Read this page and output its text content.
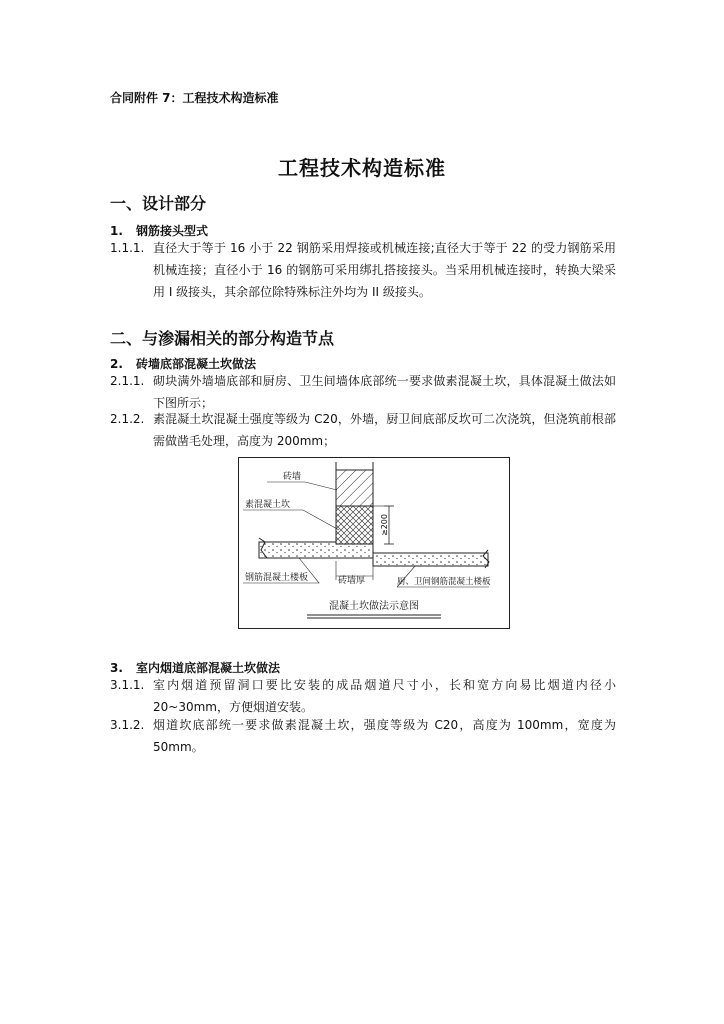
合同附件 7：工程技术构造标准
工程技术构造标准
一、设计部分
1. 钢筋接头型式
1.1.1. 直径大于等于 16 小于 22 钢筋采用焊接或机械连接;直径大于等于 22 的受力钢筋采用机械连接；直径小于 16 的钢筋可采用绑扎搭接接头。当采用机械连接时，转换大梁采用 I 级接头，其余部位除特殊标注外均为 II 级接头。
二、与渗漏相关的部分构造节点
2. 砖墙底部混凝土坎做法
2.1.1. 砌块满外墙墙底部和厨房、卫生间墙体底部统一要求做素混凝土坎，具体混凝土做法如下图所示；
2.1.2. 素混凝土坎混凝土强度等级为 C20，外墙，厨卫间底部反坎可二次浇筑，但浇筑前根部需做凿毛处理，高度为 200mm；
砖墙
素混凝土坎
≥200
钢筋混凝土楼板	砖墙厚	厨、卫间钢筋混凝土楼板
混凝土坎做法示意图
3. 室内烟道底部混凝土坎做法
3.1.1. 室内烟道预留洞口要比安装的成品烟道尺寸小，长和宽方向易比烟道内径小 20~30mm，方便烟道安装。
3.1.2. 烟道坎底部统一要求做素混凝土坎，强度等级为 C20，高度为 100mm，宽度为 50mm。
